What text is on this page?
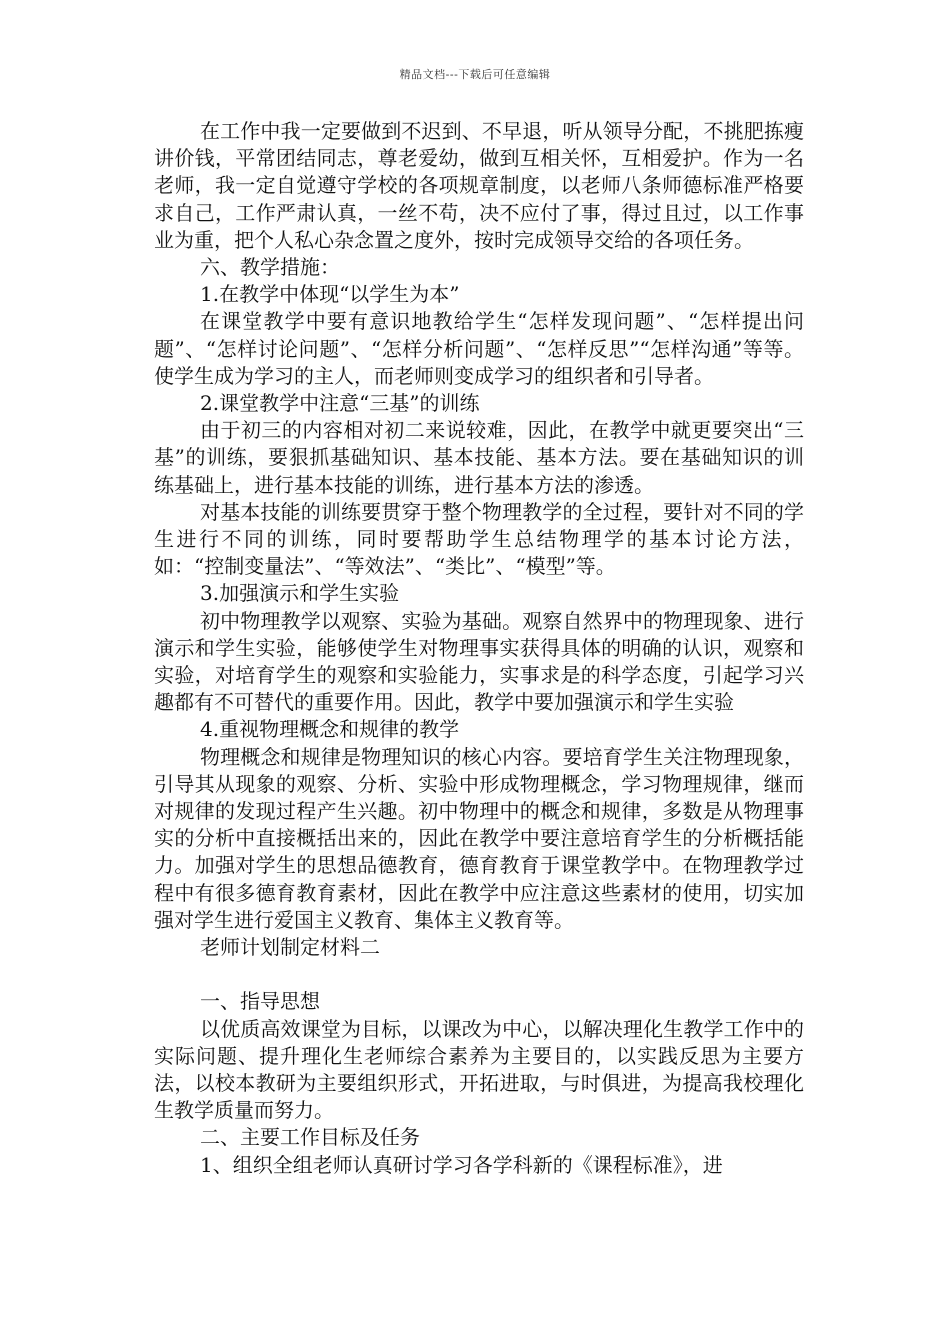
精品文档---下载后可任意编辑

在工作中我一定要做到不迟到、不早退，听从领导分配，不挑肥拣瘦讲价钱，平常团结同志，尊老爱幼，做到互相关怀，互相爱护。作为一名老师，我一定自觉遵守学校的各项规章制度，以老师八条师德标准严格要求自己，工作严肃认真，一丝不苟，决不应付了事，得过且过，以工作事业为重，把个人私心杂念置之度外，按时完成领导交给的各项任务。

六、教学措施：

1.在教学中体现“以学生为本”

在课堂教学中要有意识地教给学生“怎样发现问题”、“怎样提出问题”、“怎样讨论问题”、“怎样分析问题”、“怎样反思”“怎样沟通”等等。使学生成为学习的主人，而老师则变成学习的组织者和引导者。

2.课堂教学中注意“三基”的训练

由于初三的内容相对初二来说较难，因此，在教学中就更要突出“三基”的训练，要狠抓基础知识、基本技能、基本方法。要在基础知识的训练基础上，进行基本技能的训练，进行基本方法的渗透。

对基本技能的训练要贯穿于整个物理教学的全过程，要针对不同的学生进行不同的训练，同时要帮助学生总结物理学的基本讨论方法，如：“控制变量法”、“等效法”、“类比”、“模型”等。

3.加强演示和学生实验

初中物理教学以观察、实验为基础。观察自然界中的物理现象、进行演示和学生实验，能够使学生对物理事实获得具体的明确的认识，观察和实验，对培育学生的观察和实验能力，实事求是的科学态度，引起学习兴趣都有不可替代的重要作用。因此，教学中要加强演示和学生实验

4.重视物理概念和规律的教学

物理概念和规律是物理知识的核心内容。要培育学生关注物理现象，引导其从现象的观察、分析、实验中形成物理概念，学习物理规律，继而对规律的发现过程产生兴趣。初中物理中的概念和规律，多数是从物理事实的分析中直接概括出来的，因此在教学中要注意培育学生的分析概括能力。加强对学生的思想品德教育，德育教育于课堂教学中。在物理教学过程中有很多德育教育素材，因此在教学中应注意这些素材的使用，切实加强对学生进行爱国主义教育、集体主义教育等。

老师计划制定材料二

一、指导思想

以优质高效课堂为目标，以课改为中心，以解决理化生教学工作中的实际问题、提升理化生老师综合素养为主要目的，以实践反思为主要方法，以校本教研为主要组织形式，开拓进取，与时俱进，为提高我校理化生教学质量而努力。

二、主要工作目标及任务

1、组织全组老师认真研讨学习各学科新的《课程标准》，进
